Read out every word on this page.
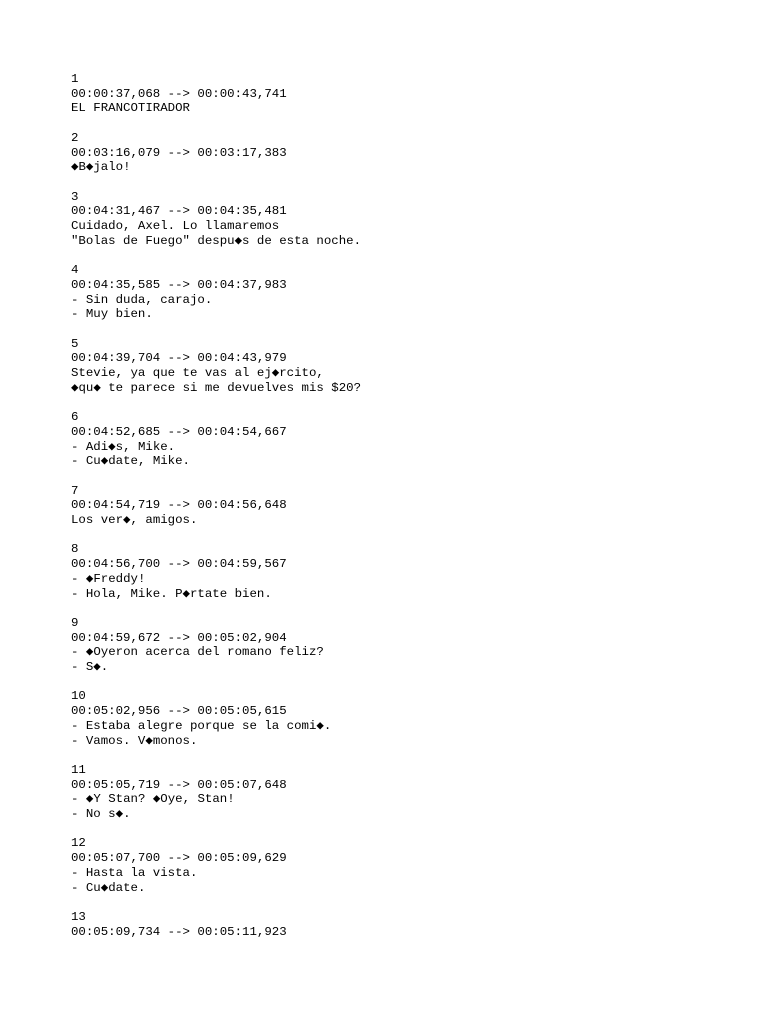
1
00:00:37,068 --> 00:00:43,741
EL FRANCOTIRADOR
2
00:03:16,079 --> 00:03:17,383
◆B◆jalo!
3
00:04:31,467 --> 00:04:35,481
Cuidado, Axel. Lo llamaremos
"Bolas de Fuego" despu◆s de esta noche.
4
00:04:35,585 --> 00:04:37,983
- Sin duda, carajo.
- Muy bien.
5
00:04:39,704 --> 00:04:43,979
Stevie, ya que te vas al ej◆rcito,
◆qu◆ te parece si me devuelves mis $20?
6
00:04:52,685 --> 00:04:54,667
- Adi◆s, Mike.
- Cu◆date, Mike.
7
00:04:54,719 --> 00:04:56,648
Los ver◆, amigos.
8
00:04:56,700 --> 00:04:59,567
- ◆Freddy!
- Hola, Mike. P◆rtate bien.
9
00:04:59,672 --> 00:05:02,904
- ◆Oyeron acerca del romano feliz?
- S◆.
10
00:05:02,956 --> 00:05:05,615
- Estaba alegre porque se la comi◆.
- Vamos. V◆monos.
11
00:05:05,719 --> 00:05:07,648
- ◆Y Stan? ◆Oye, Stan!
- No s◆.
12
00:05:07,700 --> 00:05:09,629
- Hasta la vista.
- Cu◆date.
13
00:05:09,734 --> 00:05:11,923
